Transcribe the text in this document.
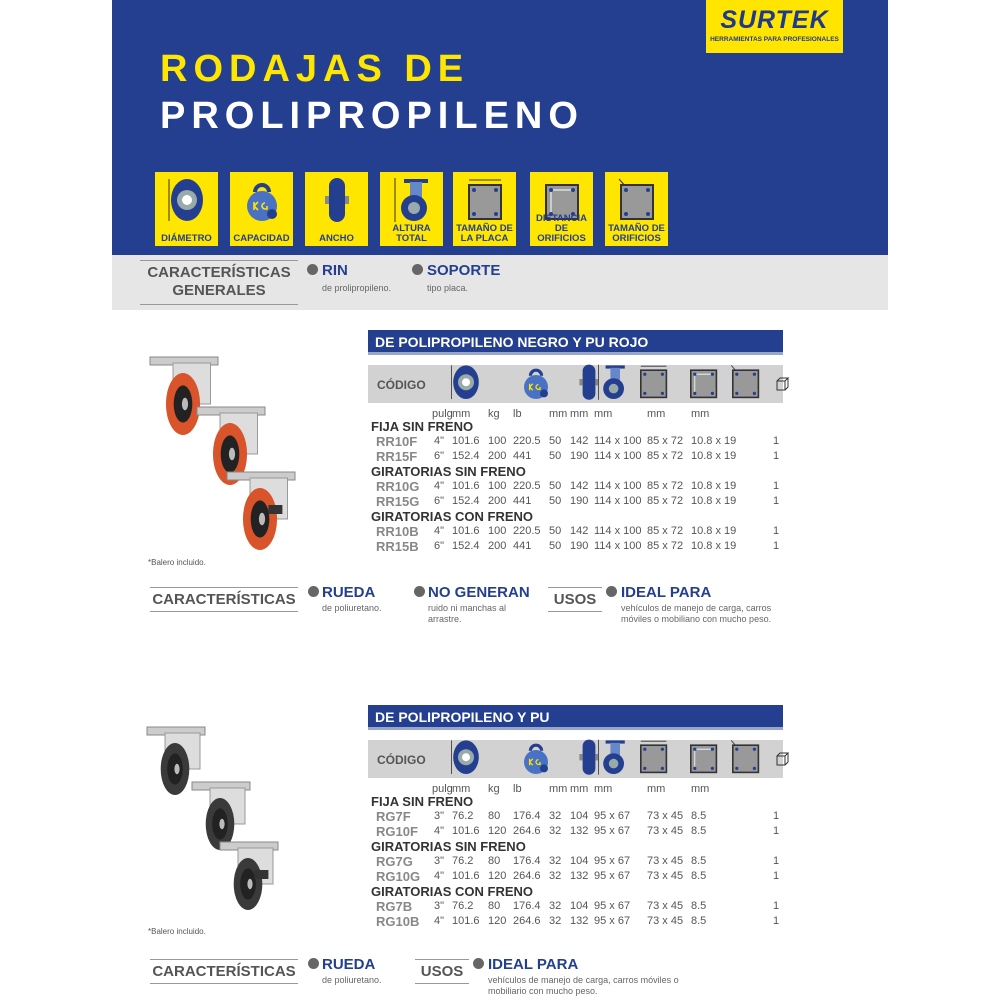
SURTEK
HERRAMIENTAS PARA PROFESIONALES
RODAJAS DE
PROLIPROPILENO
CARACTERÍSTICAS GENERALES
RIN
de prolipropileno.
SOPORTE
tipo placa.
DIÁMETRO	CAPACIDAD	ANCHO
ALTURA TOTAL
TAMAÑO DE LA PLACA
DISTANCIA DE ORIFICIOS
TAMAÑO DE ORIFICIOS
DE POLIPROPILENO NEGRO Y PU ROJO
CÓDIGO
pulg mm kg lb mm mm mm	mm mm
FIJA SIN FRENO
RR10F 4" 101.6 100 220.5 50 142 114 x 100 85 x 72 10.8 x 19	1
RR15F 6" 152.4 200 441 50 190 114 x 100 85 x 72 10.8 x 19	1
GIRATORIAS SIN FRENO
RR10G 4" 101.6 100 220.5 50 142 114 x 100 85 x 72 10.8 x 19	1
RR15G 6" 152.4 200 441 50 190 114 x 100 85 x 72 10.8 x 19	1
GIRATORIAS CON FRENO
RR10B 4" 101.6 100 220.5 50 142 114 x 100 85 x 72 10.8 x 19	1
RR15B 6" 152.4 200 441 50 190 114 x 100 85 x 72 10.8 x 19	1
*Balero incluido.
CARACTERÍSTICAS RUEDA
de poliuretano.
NO GENERAN
ruido ni manchas al arrastre.
USOS	IDEAL PARA
vehículos de manejo de carga, carros móviles o mobiliano con mucho peso.
DE POLIPROPILENO Y PU
CÓDIGO
pulg mm kg lb mm mm mm	mm mm
FIJA SIN FRENO
RG7F 3" 76.2 80 176.4 32 104 95 x 67 73 x 45 8.5	1
RG10F 4" 101.6 120 264.6 32 132 95 x 67 73 x 45 8.5	1
GIRATORIAS SIN FRENO
RG7G 3" 76.2 80 176.4 32 104 95 x 67 73 x 45 8.5	1
RG10G 4" 101.6 120 264.6 32 132 95 x 67 73 x 45 8.5	1
GIRATORIAS CON FRENO
RG7B 3" 76.2 80 176.4 32 104 95 x 67 73 x 45 8.5	1
RG10B 4" 101.6 120 264.6 32 132 95 x 67 73 x 45 8.5	1
*Balero incluido.
CARACTERÍSTICAS RUEDA
de poliuretano.	USOS	IDEAL PARA
vehículos de manejo de carga, carros móviles o mobiliario con mucho peso.
